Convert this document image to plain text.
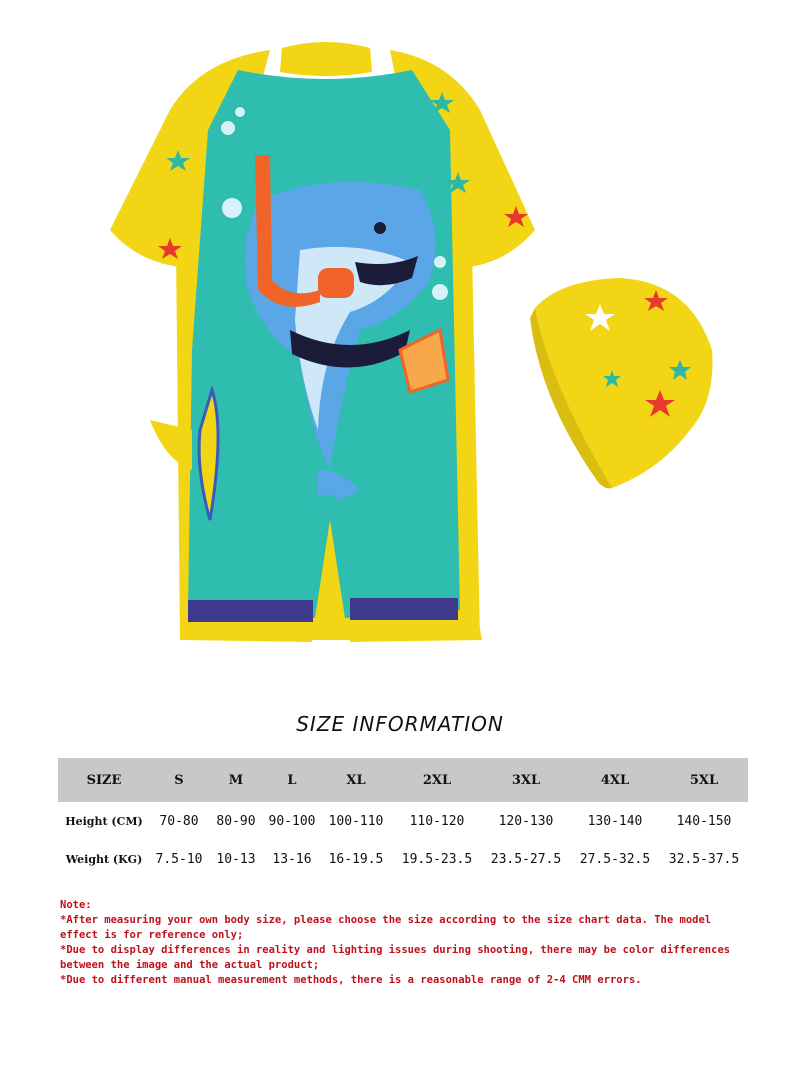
SIZE INFORMATION
SIZE	S	M	L	XL	2XL	3XL	4XL	5XL
Height (CM)	70-80	80-90	90-100	100-110	110-120	120-130	130-140	140-150
Weight (KG)	7.5-10	10-13	13-16	16-19.5	19.5-23.5	23.5-27.5	27.5-32.5	32.5-37.5

Note:

*After measuring your own body size, please choose the size according to the size chart data. The model effect is for reference only;

*Due to display differences in reality and lighting issues during shooting, there may be color differences between the image and the actual product;

*Due to different manual measurement methods, there is a reasonable range of 2-4 CMM errors.
